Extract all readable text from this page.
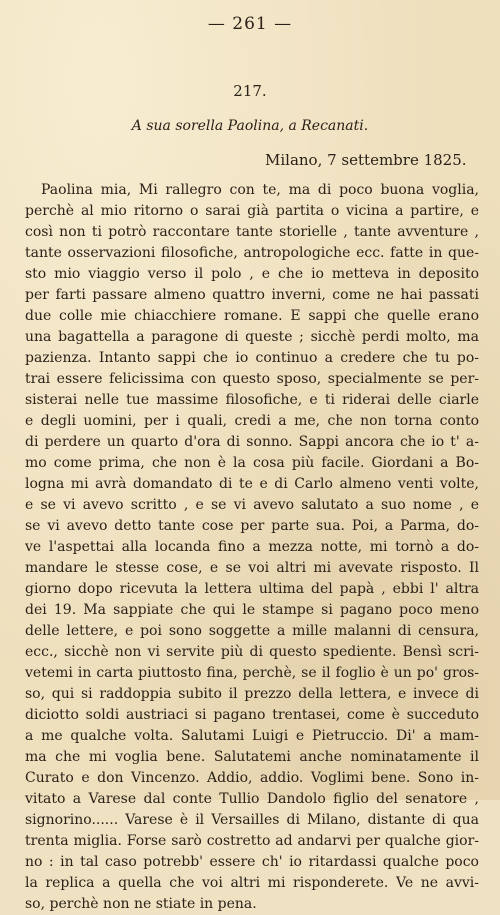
— 261 —
217.
A sua sorella Paolina, a Recanati.
Milano, 7 settembre 1825.
Paolina mia, Mi rallegro con te, ma di poco buona voglia,
perchè al mio ritorno o sarai già partita o vicina a partire, e
così non ti potrò raccontare tante storielle , tante avventure ,
tante osservazioni filosofiche, antropologiche ecc. fatte in que-
sto mio viaggio verso il polo , e che io metteva in deposito
per farti passare almeno quattro inverni, come ne hai passati
due colle mie chiacchiere romane. E sappi che quelle erano
una bagattella a paragone di queste ; sicchè perdi molto, ma
pazienza. Intanto sappi che io continuo a credere che tu po-
trai essere felicissima con questo sposo, specialmente se per-
sisterai nelle tue massime filosofiche, e ti riderai delle ciarle
e degli uomini, per i quali, credi a me, che non torna conto
di perdere un quarto d'ora di sonno. Sappi ancora che io t' a-
mo come prima, che non è la cosa più facile. Giordani a Bo-
logna mi avrà domandato di te e di Carlo almeno venti volte,
e se vi avevo scritto , e se vi avevo salutato a suo nome , e
se vi avevo detto tante cose per parte sua. Poi, a Parma, do-
ve l'aspettai alla locanda fino a mezza notte, mi tornò a do-
mandare le stesse cose, e se voi altri mi avevate risposto. Il
giorno dopo ricevuta la lettera ultima del papà , ebbi l' altra
dei 19. Ma sappiate che qui le stampe si pagano poco meno
delle lettere, e poi sono soggette a mille malanni di censura,
ecc., sicchè non vi servite più di questo spediente. Bensì scri-
vetemi in carta piuttosto fina, perchè, se il foglio è un po' gros-
so, qui si raddoppia subito il prezzo della lettera, e invece di
diciotto soldi austriaci si pagano trentasei, come è succeduto
a me qualche volta. Salutami Luigi e Pietruccio. Di' a mam-
ma che mi voglia bene. Salutatemi anche nominatamente il
Curato e don Vincenzo. Addio, addio. Voglimi bene. Sono in-
vitato a Varese dal conte Tullio Dandolo figlio del senatore ,
signorino...... Varese è il Versailles di Milano, distante di qua
trenta miglia. Forse sarò costretto ad andarvi per qualche gior-
no : in tal caso potrebb' essere ch' io ritardassi qualche poco
la replica a quella che voi altri mi risponderete. Ve ne avvi-
so, perchè non ne stiate in pena.
